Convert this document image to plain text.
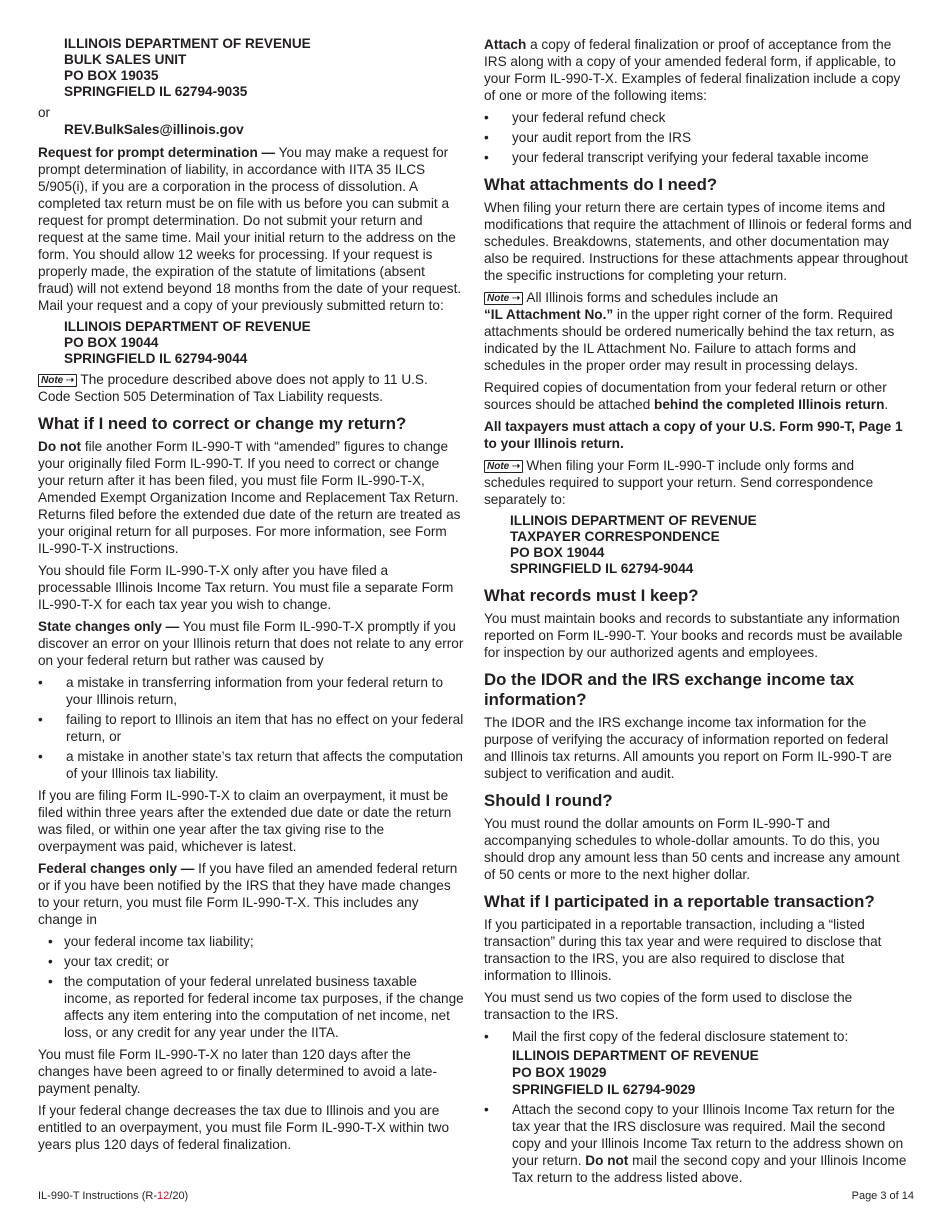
ILLINOIS DEPARTMENT OF REVENUE
BULK SALES UNIT
PO BOX 19035
SPRINGFIELD IL 62794-9035

or

REV.BulkSales@illinois.gov

Request for prompt determination — You may make a request for prompt determination of liability, in accordance with IITA 35 ILCS 5/905(i), if you are a corporation in the process of dissolution. A completed tax return must be on file with us before you can submit a request for prompt determination. Do not submit your return and request at the same time. Mail your initial return to the address on the form. You should allow 12 weeks for processing. If your request is properly made, the expiration of the statute of limitations (absent fraud) will not extend beyond 18 months from the date of your request. Mail your request and a copy of your previously submitted return to:

ILLINOIS DEPARTMENT OF REVENUE
PO BOX 19044
SPRINGFIELD IL 62794-9044

Note ⇢ The procedure described above does not apply to 11 U.S. Code Section 505 Determination of Tax Liability requests.

What if I need to correct or change my return?

Do not file another Form IL-990-T with “amended” figures to change your originally filed Form IL-990-T. If you need to correct or change your return after it has been filed, you must file Form IL-990-T-X, Amended Exempt Organization Income and Replacement Tax Return. Returns filed before the extended due date of the return are treated as your original return for all purposes. For more information, see Form IL-990-T-X instructions.

You should file Form IL-990-T-X only after you have filed a processable Illinois Income Tax return. You must file a separate Form IL-990-T-X for each tax year you wish to change.

State changes only — You must file Form IL-990-T-X promptly if you discover an error on your Illinois return that does not relate to any error on your federal return but rather was caused by

• a mistake in transferring information from your federal return to your Illinois return,
• failing to report to Illinois an item that has no effect on your federal return, or
• a mistake in another state’s tax return that affects the computation of your Illinois tax liability.

If you are filing Form IL-990-T-X to claim an overpayment, it must be filed within three years after the extended due date or date the return was filed, or within one year after the tax giving rise to the overpayment was paid, whichever is latest.

Federal changes only — If you have filed an amended federal return or if you have been notified by the IRS that they have made changes to your return, you must file Form IL-990-T-X. This includes any change in

• your federal income tax liability;
• your tax credit; or
• the computation of your federal unrelated business taxable income, as reported for federal income tax purposes, if the change affects any item entering into the computation of net income, net loss, or any credit for any year under the IITA.

You must file Form IL-990-T-X no later than 120 days after the changes have been agreed to or finally determined to avoid a late-payment penalty.

If your federal change decreases the tax due to Illinois and you are entitled to an overpayment, you must file Form IL-990-T-X within two years plus 120 days of federal finalization.

Attach a copy of federal finalization or proof of acceptance from the IRS along with a copy of your amended federal form, if applicable, to your Form IL-990-T-X. Examples of federal finalization include a copy of one or more of the following items:

• your federal refund check
• your audit report from the IRS
• your federal transcript verifying your federal taxable income
What attachments do I need?

When filing your return there are certain types of income items and modifications that require the attachment of Illinois or federal forms and schedules. Breakdowns, statements, and other documentation may also be required. Instructions for these attachments appear throughout the specific instructions for completing your return.

Note ⇢ All Illinois forms and schedules include an
“IL Attachment No.” in the upper right corner of the form. Required attachments should be ordered numerically behind the tax return, as indicated by the IL Attachment No. Failure to attach forms and schedules in the proper order may result in processing delays.

Required copies of documentation from your federal return or other sources should be attached behind the completed Illinois return.

All taxpayers must attach a copy of your U.S. Form 990-T, Page 1 to your Illinois return.

Note ⇢ When filing your Form IL-990-T include only forms and schedules required to support your return. Send correspondence separately to:

ILLINOIS DEPARTMENT OF REVENUE
TAXPAYER CORRESPONDENCE
PO BOX 19044
SPRINGFIELD IL 62794-9044
What records must I keep?

You must maintain books and records to substantiate any information reported on Form IL-990-T. Your books and records must be available for inspection by our authorized agents and employees.

Do the IDOR and the IRS exchange income tax information?

The IDOR and the IRS exchange income tax information for the purpose of verifying the accuracy of information reported on federal and Illinois tax returns. All amounts you report on Form IL-990-T are subject to verification and audit.

Should I round?

You must round the dollar amounts on Form IL-990-T and accompanying schedules to whole-dollar amounts. To do this, you should drop any amount less than 50 cents and increase any amount of 50 cents or more to the next higher dollar.

What if I participated in a reportable transaction?

If you participated in a reportable transaction, including a “listed transaction” during this tax year and were required to disclose that transaction to the IRS, you are also required to disclose that information to Illinois.

You must send us two copies of the form used to disclose the transaction to the IRS.

• Mail the first copy of the federal disclosure statement to:
ILLINOIS DEPARTMENT OF REVENUE
PO BOX 19029
SPRINGFIELD IL 62794-9029
• Attach the second copy to your Illinois Income Tax return for the tax year that the IRS disclosure was required. Mail the second copy and your Illinois Income Tax return to the address shown on your return. Do not mail the second copy and your Illinois Income Tax return to the address listed above.
IL-990-T Instructions (R-12/20)	Page 3 of 14
